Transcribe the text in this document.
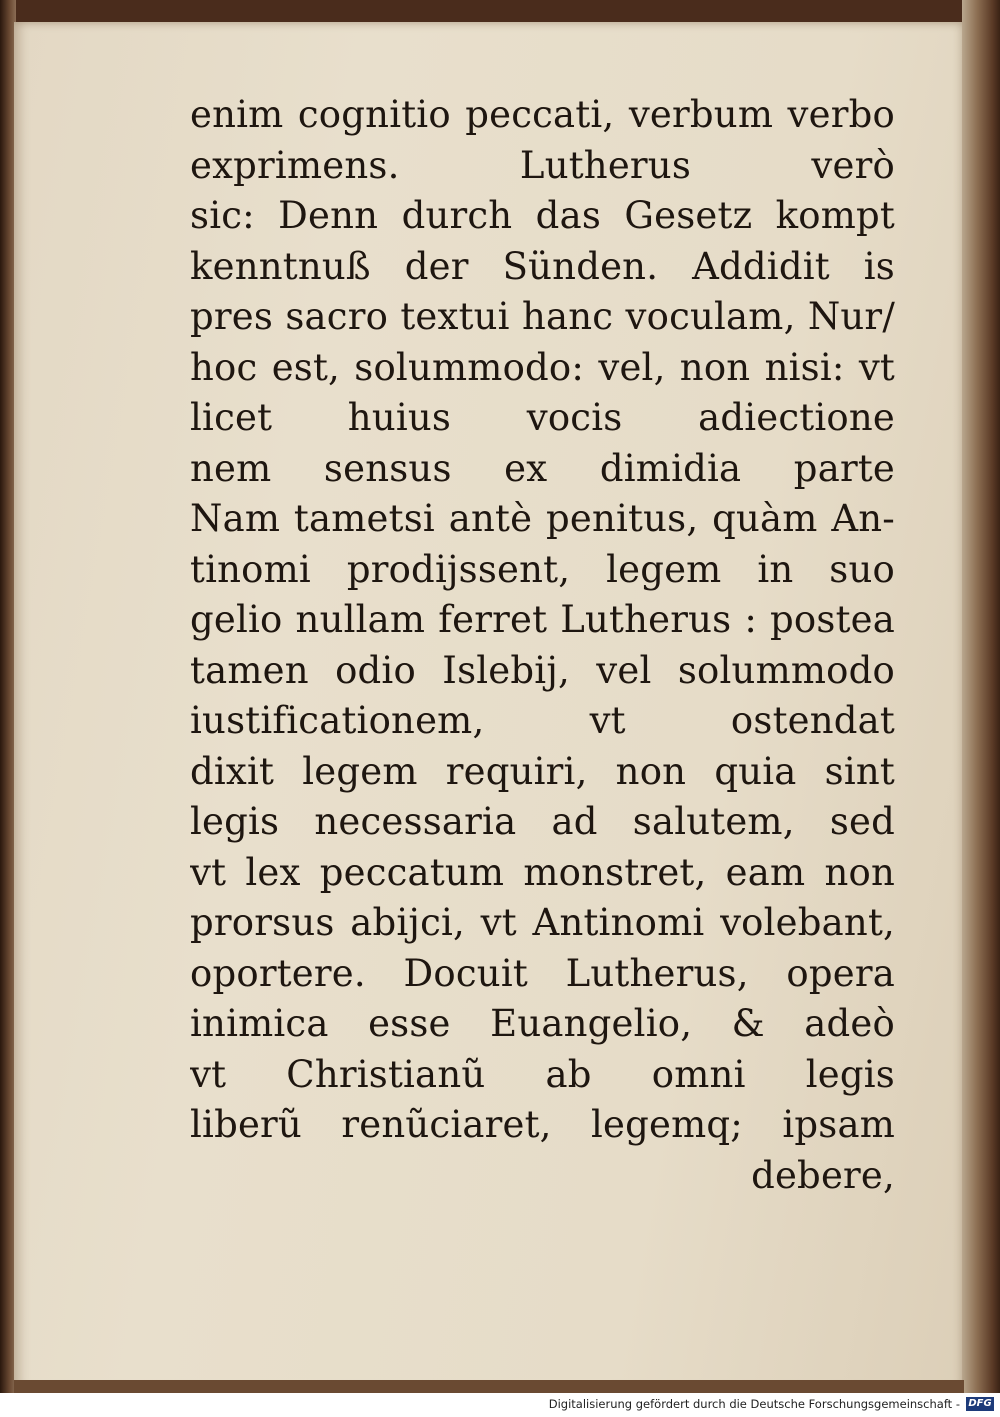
enim cognitio peccati, verbum verbo
exprimens. Lutherus verò
sic: Denn durch das Gesetz kompt
kenntnuß der Sünden. Addidit is
pres sacro textui hanc voculam, Nur/
hoc est, solummodo: vel, non nisi: vt
licet huius vocis adiectione
nem sensus ex dimidia parte
Nam tametsi antè penitus, quàm An-
tinomi prodijssent, legem in suo
gelio nullam ferret Lutherus : postea
tamen odio Islebij, vel solummodo
iustificationem, vt ostendat
dixit legem requiri, non quia sint
legis necessaria ad salutem, sed
vt lex peccatum monstret, eam non
prorsus abijci, vt Antinomi volebant,
oportere. Docuit Lutherus, opera
inimica esse Euangelio, & adeò
vt Christianũ ab omni legis
liberũ renũciaret, legemq; ipsam
debere,
Digitalisierung gefördert durch die Deutsche Forschungsgemeinschaft - DFG
